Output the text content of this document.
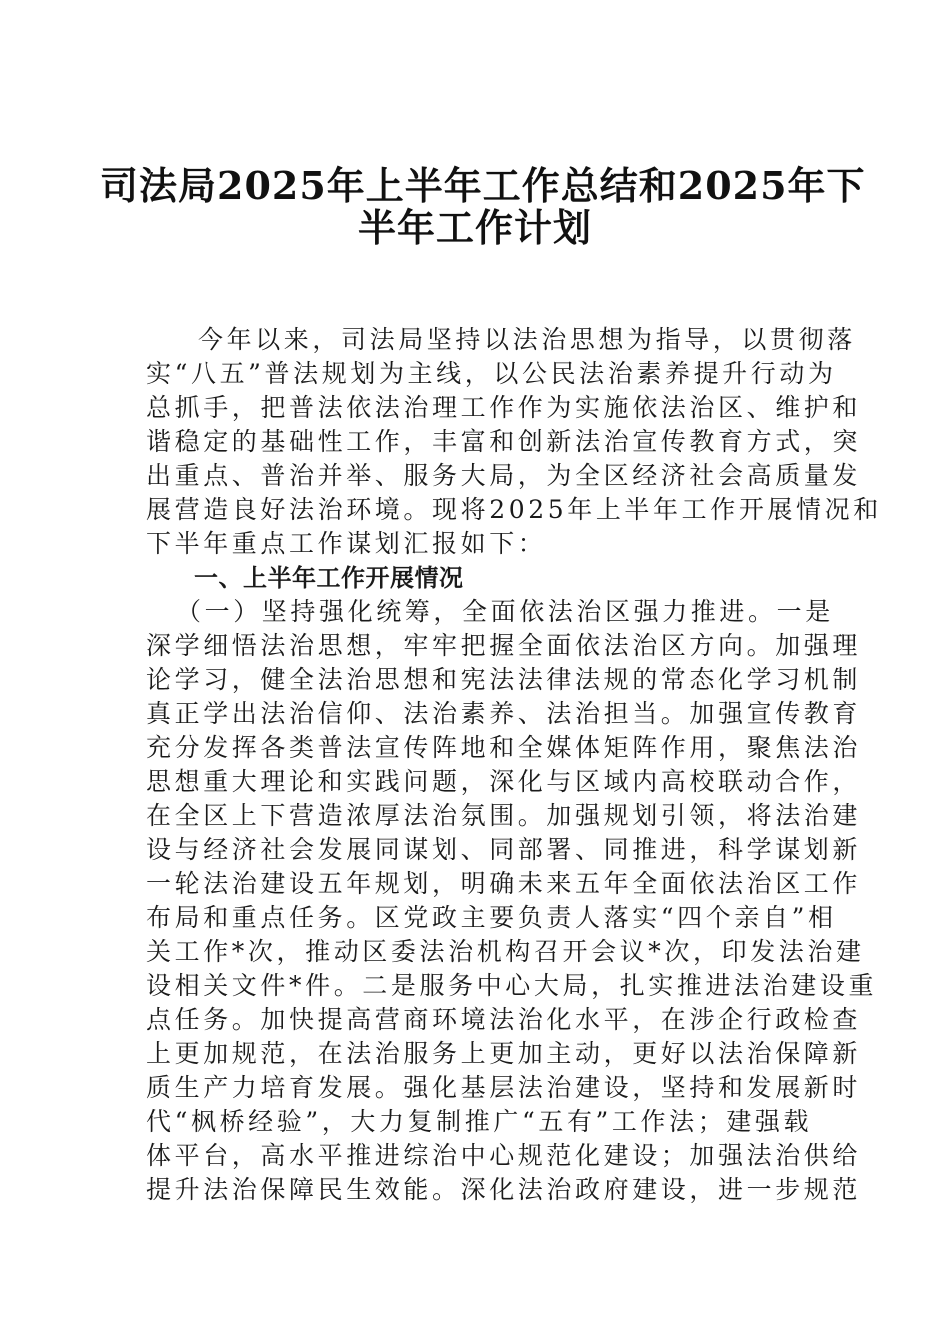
司法局2025年上半年工作总结和2025年下
半年工作计划
今年以来，司法局坚持以法治思想为指导，以贯彻落
实“八五”普法规划为主线，以公民法治素养提升行动为
总抓手，把普法依法治理工作作为实施依法治区、维护和
谐稳定的基础性工作，丰富和创新法治宣传教育方式，突
出重点、普治并举、服务大局，为全区经济社会高质量发
展营造良好法治环境。现将2025年上半年工作开展情况和
下半年重点工作谋划汇报如下：
一、上半年工作开展情况
（一）坚持强化统筹，全面依法治区强力推进。一是
深学细悟法治思想，牢牢把握全面依法治区方向。加强理
论学习，健全法治思想和宪法法律法规的常态化学习机制
真正学出法治信仰、法治素养、法治担当。加强宣传教育
充分发挥各类普法宣传阵地和全媒体矩阵作用，聚焦法治
思想重大理论和实践问题，深化与区域内高校联动合作，
在全区上下营造浓厚法治氛围。加强规划引领，将法治建
设与经济社会发展同谋划、同部署、同推进，科学谋划新
一轮法治建设五年规划，明确未来五年全面依法治区工作
布局和重点任务。区党政主要负责人落实“四个亲自”相
关工作*次，推动区委法治机构召开会议*次，印发法治建
设相关文件*件。二是服务中心大局，扎实推进法治建设重
点任务。加快提高营商环境法治化水平，在涉企行政检查
上更加规范，在法治服务上更加主动，更好以法治保障新
质生产力培育发展。强化基层法治建设，坚持和发展新时
代“枫桥经验”，大力复制推广“五有”工作法；建强载
体平台，高水平推进综治中心规范化建设；加强法治供给
提升法治保障民生效能。深化法治政府建设，进一步规范
